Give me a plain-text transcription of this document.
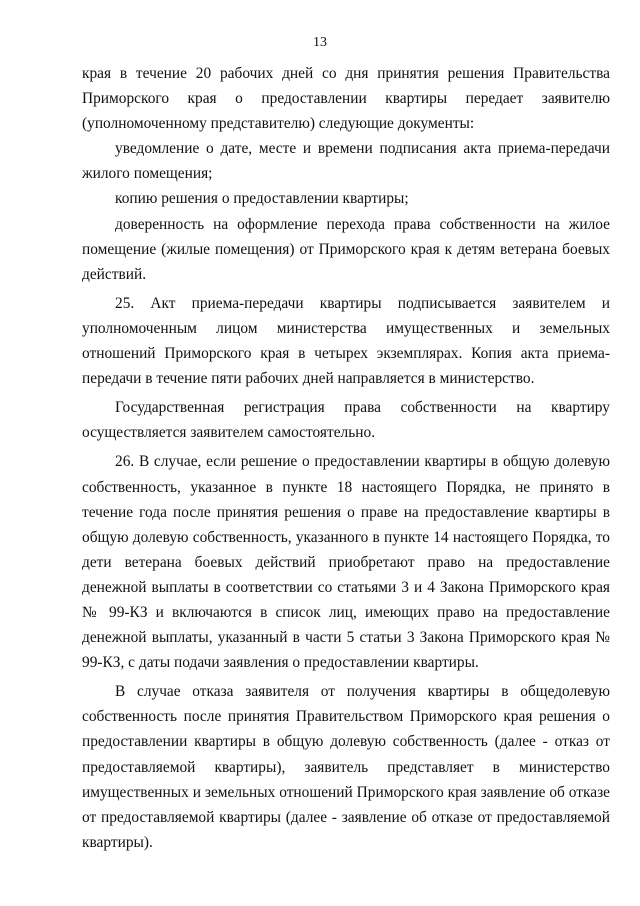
13

края в течение 20 рабочих дней со дня принятия решения Правительства Приморского края о предоставлении квартиры передает заявителю (уполномоченному представителю) следующие документы:

уведомление о дате, месте и времени подписания акта приема-передачи жилого помещения;

копию решения о предоставлении квартиры;

доверенность на оформление перехода права собственности на жилое помещение (жилые помещения) от Приморского края к детям ветерана боевых действий.

25. Акт приема-передачи квартиры подписывается заявителем и уполномоченным лицом министерства имущественных и земельных отношений Приморского края в четырех экземплярах. Копия акта приема-передачи в течение пяти рабочих дней направляется в министерство.

Государственная регистрация права собственности на квартиру осуществляется заявителем самостоятельно.

26. В случае, если решение о предоставлении квартиры в общую долевую собственность, указанное в пункте 18 настоящего Порядка, не принято в течение года после принятия решения о праве на предоставление квартиры в общую долевую собственность, указанного в пункте 14 настоящего Порядка, то дети ветерана боевых действий приобретают право на предоставление денежной выплаты в соответствии со статьями 3 и 4 Закона Приморского края № 99-КЗ и включаются в список лиц, имеющих право на предоставление денежной выплаты, указанный в части 5 статьи 3 Закона Приморского края № 99-КЗ, с даты подачи заявления о предоставлении квартиры.

В случае отказа заявителя от получения квартиры в общедолевую собственность после принятия Правительством Приморского края решения о предоставлении квартиры в общую долевую собственность (далее - отказ от предоставляемой квартиры), заявитель представляет в министерство имущественных и земельных отношений Приморского края заявление об отказе от предоставляемой квартиры (далее - заявление об отказе от предоставляемой квартиры).
